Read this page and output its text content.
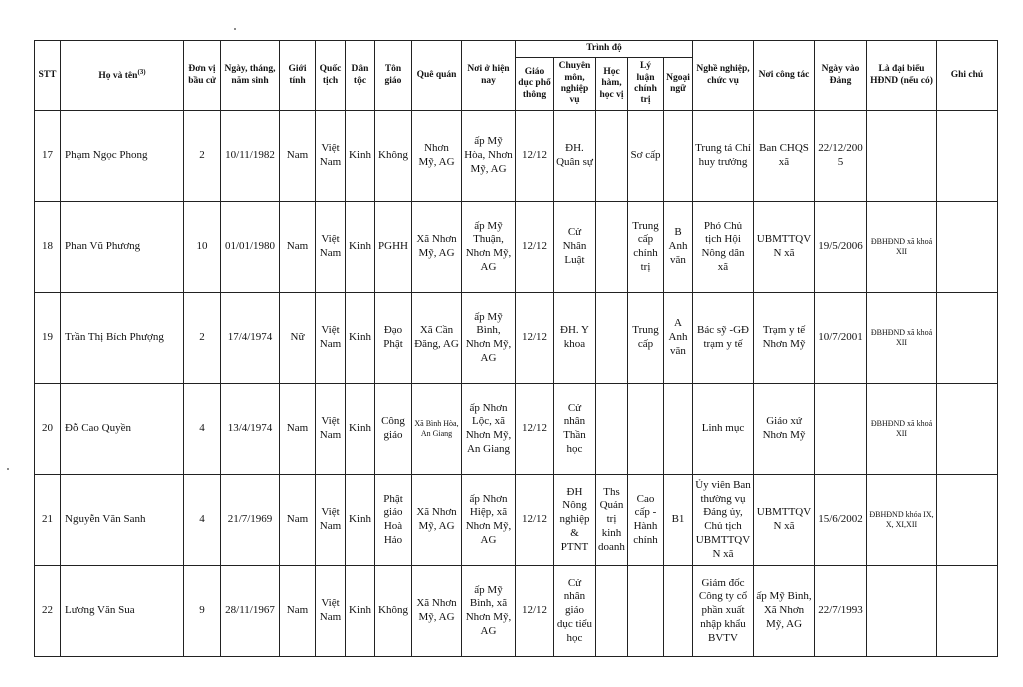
STT	Họ và tên$^{(3)}$	Đơn vị bầu cử	Ngày, tháng, năm sinh	Giới tính	Quốc tịch	Dân tộc	Tôn giáo	Quê quán	Nơi ở hiện nay	Trình độ					Nghề nghiệp, chức vụ	Nơi công tác	Ngày vào Đảng	Là đại biểu HĐND (nếu có)	Ghi chú
										Giáo dục phổ thông	Chuyên môn, nghiệp vụ	Học hàm, học vị	Lý luận chính trị	Ngoại ngữ					
17	Phạm Ngọc Phong	2	10/11/1982	Nam	Việt Nam	Kinh	Không	Nhơn Mỹ, AG	ấp Mỹ Hòa, Nhơn Mỹ, AG	12/12	ĐH. Quân sự		Sơ cấp		Trung tá Chỉ huy trưởng	Ban CHQS xã	22/12/2005		
18	Phan Vũ Phương	10	01/01/1980	Nam	Việt Nam	Kinh	PGHH	Xã Nhơn Mỹ, AG	ấp Mỹ Thuận, Nhơn Mỹ, AG	12/12	Cử Nhân Luật		Trung cấp chính trị	B Anh văn	Phó Chủ tịch Hội Nông dân xã	UBMTTQVN xã	19/5/2006	ĐBHĐND xã khoá XII	
19	Trần Thị Bích Phượng	2	17/4/1974	Nữ	Việt Nam	Kinh	Đạo Phật	Xã Cần Đăng, AG	ấp Mỹ Bình, Nhơn Mỹ, AG	12/12	ĐH. Y khoa		Trung cấp	A Anh văn	Bác sỹ -GĐ trạm y tế	Trạm y tế Nhơn Mỹ	10/7/2001	ĐBHĐND xã khoá XII	
20	Đỗ Cao Quyền	4	13/4/1974	Nam	Việt Nam	Kinh	Công giáo	Xã Bình Hòa, An Giang	ấp Nhơn Lộc, xã Nhơn Mỹ, An Giang	12/12	Cử nhân Thần học				Linh mục	Giáo xứ Nhơn Mỹ		ĐBHĐND xã khoá XII	
21	Nguyễn Văn Sanh	4	21/7/1969	Nam	Việt Nam	Kinh	Phật giáo Hoà Hảo	Xã Nhơn Mỹ, AG	ấp Nhơn Hiệp, xã Nhơn Mỹ, AG	12/12	ĐH Nông nghiệp & PTNT	Ths Quản trị kinh doanh	Cao cấp - Hành chính	B1	Ủy viên Ban thường vụ Đảng ủy, Chủ tịch UBMTTQVN xã	UBMTTQVN xã	15/6/2002	ĐBHĐND khóa IX, X, XI,XII	
22	Lương Văn Sua	9	28/11/1967	Nam	Việt Nam	Kinh	Không	Xã Nhơn Mỹ, AG	ấp Mỹ Bình, xã Nhơn Mỹ, AG	12/12	Cử nhân giáo dục tiểu học				Giám đốc Công ty cổ phần xuất nhập khẩu BVTV	ấp Mỹ Bình, Xã Nhơn Mỹ, AG	22/7/1993		
